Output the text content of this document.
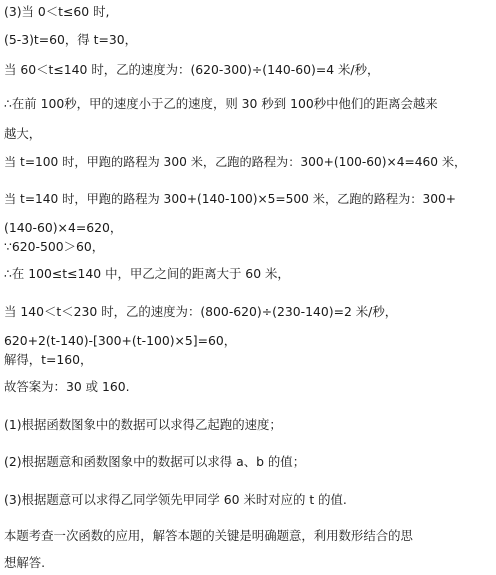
(3)当 0＜t≤60 时,
(5-3)t=60，得 t=30，
当 60＜t≤140 时，乙的速度为：(620-300)÷(140-60)=4 米/秒，
∴在前 100秒，甲的速度小于乙的速度，则 30 秒到 100秒中他们的距离会越来
越大，
当 t=100 时，甲跑的路程为 300 米，乙跑的路程为：300+(100-60)×4=460 米，
当 t=140 时，甲跑的路程为 300+(140-100)×5=500 米，乙跑的路程为：300+
(140-60)×4=620，
∵620-500＞60，
∴在 100≤t≤140 中，甲乙之间的距离大于 60 米，
当 140＜t＜230 时，乙的速度为：(800-620)÷(230-140)=2 米/秒，
620+2(t-140)-[300+(t-100)×5]=60，
解得，t=160，
故答案为：30 或 160.
(1)根据函数图象中的数据可以求得乙起跑的速度；
(2)根据题意和函数图象中的数据可以求得 a、b 的值；
(3)根据题意可以求得乙同学领先甲同学 60 米时对应的 t 的值.
本题考查一次函数的应用，解答本题的关键是明确题意，利用数形结合的思
想解答.
